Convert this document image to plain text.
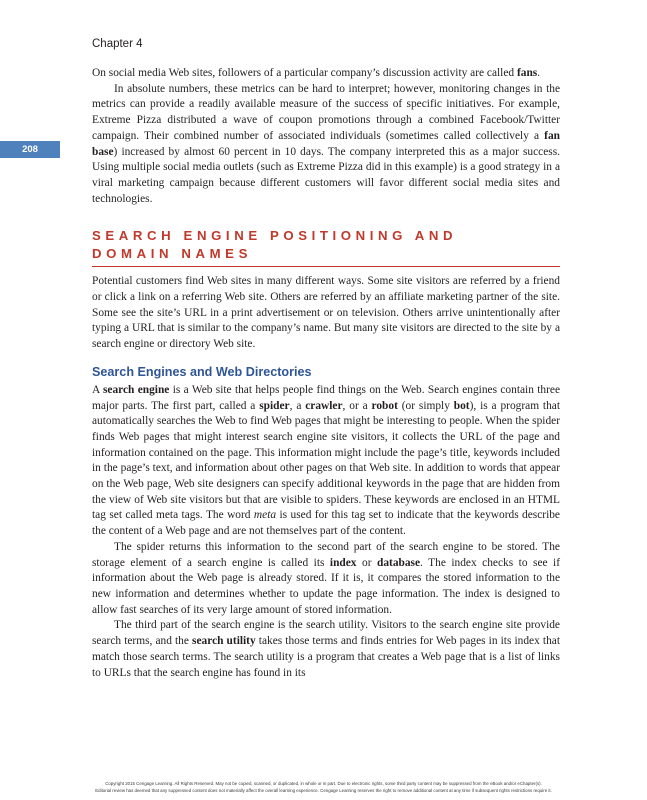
Chapter 4
208

On social media Web sites, followers of a particular company’s discussion activity are called fans.

In absolute numbers, these metrics can be hard to interpret; however, monitoring changes in the metrics can provide a readily available measure of the success of specific initiatives. For example, Extreme Pizza distributed a wave of coupon promotions through a combined Facebook/Twitter campaign. Their combined number of associated individuals (sometimes called collectively a fan base) increased by almost 60 percent in 10 days. The company interpreted this as a major success. Using multiple social media outlets (such as Extreme Pizza did in this example) is a good strategy in a viral marketing campaign because different customers will favor different social media sites and technologies.

SEARCH ENGINE POSITIONING AND
DOMAIN NAMES

Potential customers find Web sites in many different ways. Some site visitors are referred by a friend or click a link on a referring Web site. Others are referred by an affiliate marketing partner of the site. Some see the site’s URL in a print advertisement or on television. Others arrive unintentionally after typing a URL that is similar to the company’s name. But many site visitors are directed to the site by a search engine or directory Web site.

Search Engines and Web Directories

A search engine is a Web site that helps people find things on the Web. Search engines contain three major parts. The first part, called a spider, a crawler, or a robot (or simply bot), is a program that automatically searches the Web to find Web pages that might be interesting to people. When the spider finds Web pages that might interest search engine site visitors, it collects the URL of the page and information contained on the page. This information might include the page’s title, keywords included in the page’s text, and information about other pages on that Web site. In addition to words that appear on the Web page, Web site designers can specify additional keywords in the page that are hidden from the view of Web site visitors but that are visible to spiders. These keywords are enclosed in an HTML tag set called meta tags. The word meta is used for this tag set to indicate that the keywords describe the content of a Web page and are not themselves part of the content.

The spider returns this information to the second part of the search engine to be stored. The storage element of a search engine is called its index or database. The index checks to see if information about the Web page is already stored. If it is, it compares the stored information to the new information and determines whether to update the page information. The index is designed to allow fast searches of its very large amount of stored information.

The third part of the search engine is the search utility. Visitors to the search engine site provide search terms, and the search utility takes those terms and finds entries for Web pages in its index that match those search terms. The search utility is a program that creates a Web page that is a list of links to URLs that the search engine has found in its

Copyright 2015 Cengage Learning. All Rights Reserved. May not be copied, scanned, or duplicated, in whole or in part. Due to electronic rights, some third party content may be suppressed from the eBook and/or eChapter(s).
Editorial review has deemed that any suppressed content does not materially affect the overall learning experience. Cengage Learning reserves the right to remove additional content at any time if subsequent rights restrictions require it.
